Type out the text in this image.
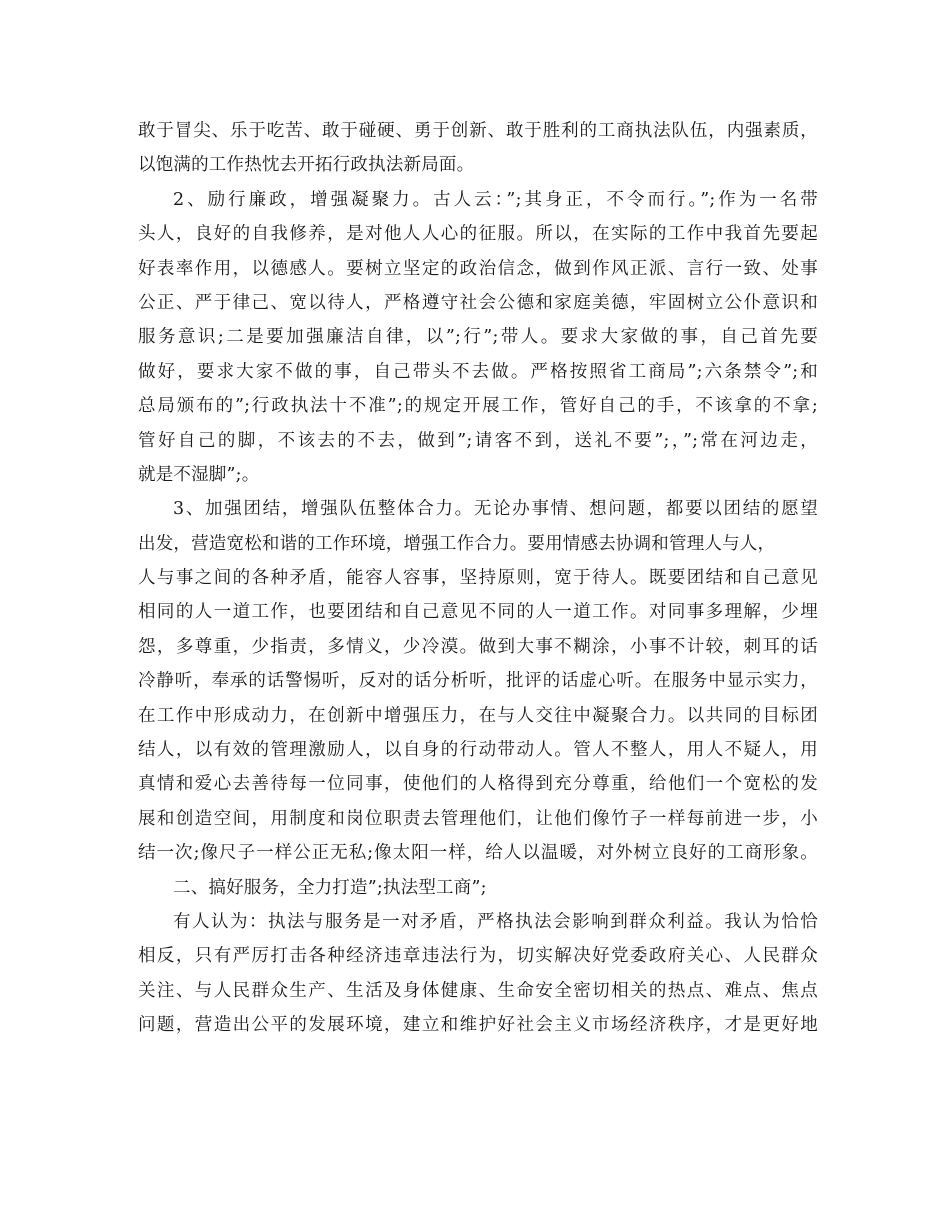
敢于冒尖、乐于吃苦、敢于碰硬、勇于创新、敢于胜利的工商执法队伍，内强素质，
以饱满的工作热忱去开拓行政执法新局面。
2、励行廉政，增强凝聚力。古人云：”;其身正，不令而行。”;作为一名带
头人，良好的自我修养，是对他人人心的征服。所以，在实际的工作中我首先要起
好表率作用，以德感人。要树立坚定的政治信念，做到作风正派、言行一致、处事
公正、严于律己、宽以待人，严格遵守社会公德和家庭美德，牢固树立公仆意识和
服务意识;二是要加强廉洁自律，以”;行”;带人。要求大家做的事，自己首先要
做好，要求大家不做的事，自己带头不去做。严格按照省工商局”;六条禁令”;和
总局颁布的”;行政执法十不准”;的规定开展工作，管好自己的手，不该拿的不拿;
管好自己的脚，不该去的不去，做到”;请客不到，送礼不要”;，”;常在河边走，
就是不湿脚”;。
3、加强团结，增强队伍整体合力。无论办事情、想问题，都要以团结的愿望
出发，营造宽松和谐的工作环境，增强工作合力。要用情感去协调和管理人与人，
人与事之间的各种矛盾，能容人容事，坚持原则，宽于待人。既要团结和自己意见
相同的人一道工作，也要团结和自己意见不同的人一道工作。对同事多理解，少埋
怨，多尊重，少指责，多情义，少冷漠。做到大事不糊涂，小事不计较，刺耳的话
冷静听，奉承的话警惕听，反对的话分析听，批评的话虚心听。在服务中显示实力，
在工作中形成动力，在创新中增强压力，在与人交往中凝聚合力。以共同的目标团
结人，以有效的管理激励人，以自身的行动带动人。管人不整人，用人不疑人，用
真情和爱心去善待每一位同事，使他们的人格得到充分尊重，给他们一个宽松的发
展和创造空间，用制度和岗位职责去管理他们，让他们像竹子一样每前进一步，小
结一次;像尺子一样公正无私;像太阳一样，给人以温暖，对外树立良好的工商形象。
二、搞好服务，全力打造”;执法型工商”;
有人认为：执法与服务是一对矛盾，严格执法会影响到群众利益。我认为恰恰
相反，只有严厉打击各种经济违章违法行为，切实解决好党委政府关心、人民群众
关注、与人民群众生产、生活及身体健康、生命安全密切相关的热点、难点、焦点
问题，营造出公平的发展环境，建立和维护好社会主义市场经济秩序，才是更好地
